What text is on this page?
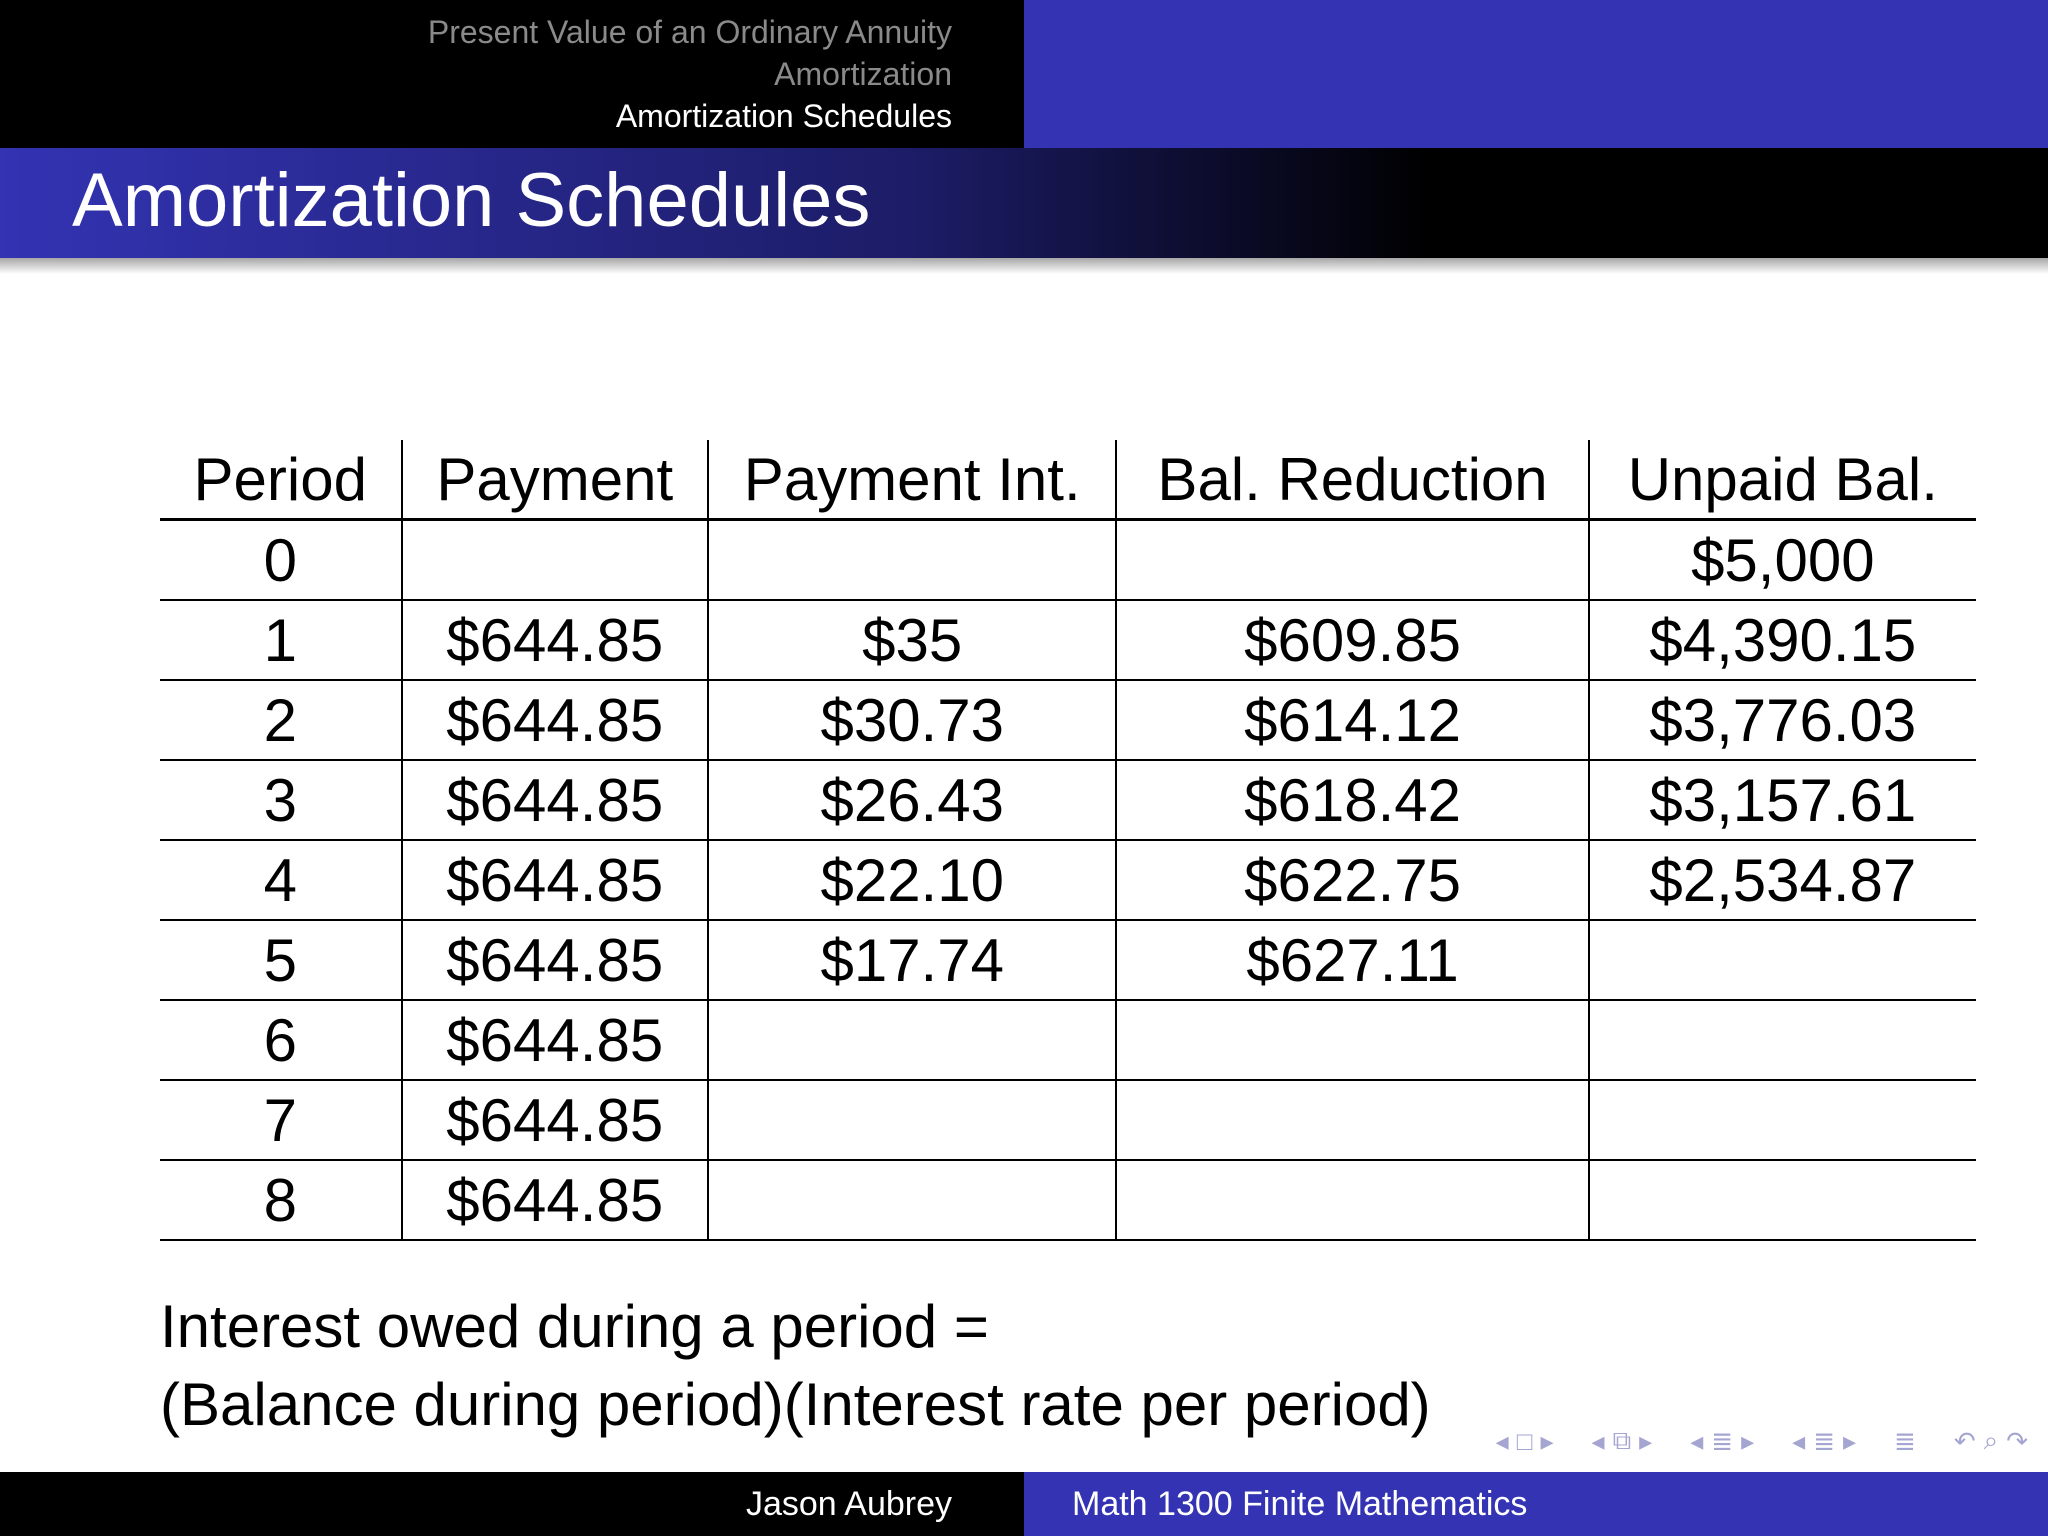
Present Value of an Ordinary Annuity
Amortization
Amortization Schedules
Amortization Schedules
Period	Payment	Payment Int.	Bal. Reduction	Unpaid Bal.
0				$5,000
1	$644.85	$35	$609.85	$4,390.15
2	$644.85	$30.73	$614.12	$3,776.03
3	$644.85	$26.43	$618.42	$3,157.61
4	$644.85	$22.10	$622.75	$2,534.87
5	$644.85	$17.74	$627.11	
6	$644.85			
7	$644.85			
8	$644.85			
Interest owed during a period =
(Balance during period)(Interest rate per period)
◂ □ ▸ ◂ ⧉ ▸ ◂ ≣ ▸ ◂ ≣ ▸ ≣ ↶ ⌕ ↷
Jason Aubrey	Math 1300 Finite Mathematics
